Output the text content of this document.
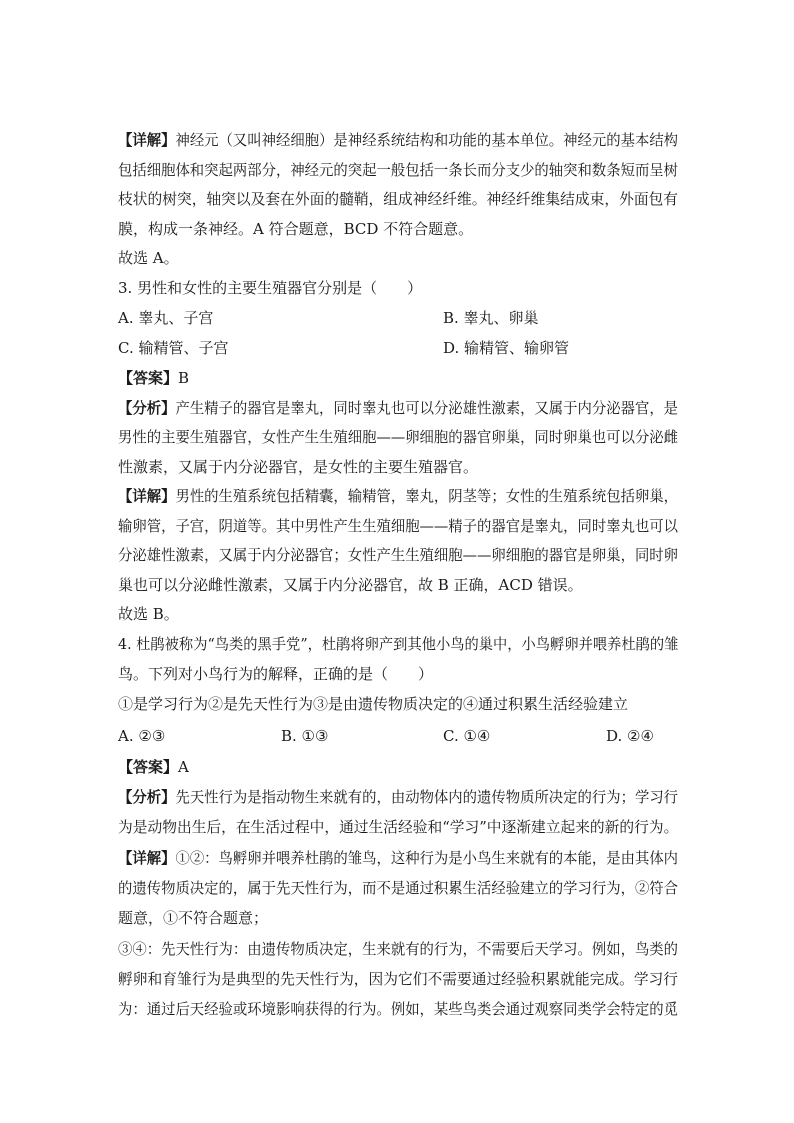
【详解】神经元（又叫神经细胞）是神经系统结构和功能的基本单位。神经元的基本结构
包括细胞体和突起两部分，神经元的突起一般包括一条长而分支少的轴突和数条短而呈树
枝状的树突，轴突以及套在外面的髓鞘，组成神经纤维。神经纤维集结成束，外面包有
膜，构成一条神经。A 符合题意，BCD 不符合题意。
故选 A。
3. 男性和女性的主要生殖器官分别是（　　）
A. 睾丸、子宫	B. 睾丸、卵巢
C. 输精管、子宫	D. 输精管、输卵管
【答案】B
【分析】产生精子的器官是睾丸，同时睾丸也可以分泌雄性激素，又属于内分泌器官，是
男性的主要生殖器官，女性产生生殖细胞——卵细胞的器官卵巢，同时卵巢也可以分泌雌
性激素，又属于内分泌器官，是女性的主要生殖器官。
【详解】男性的生殖系统包括精囊，输精管，睾丸，阴茎等；女性的生殖系统包括卵巢，
输卵管，子宫，阴道等。其中男性产生生殖细胞——精子的器官是睾丸，同时睾丸也可以
分泌雄性激素，又属于内分泌器官；女性产生生殖细胞——卵细胞的器官是卵巢，同时卵
巢也可以分泌雌性激素，又属于内分泌器官，故 B 正确，ACD 错误。
故选 B。
4. 杜鹃被称为“鸟类的黑手党”，杜鹃将卵产到其他小鸟的巢中，小鸟孵卵并喂养杜鹃的雏
鸟。下列对小鸟行为的解释，正确的是（　　）
①是学习行为②是先天性行为③是由遗传物质决定的④通过积累生活经验建立
A. ②③	B. ①③	C. ①④	D. ②④
【答案】A
【分析】先天性行为是指动物生来就有的，由动物体内的遗传物质所决定的行为；学习行
为是动物出生后，在生活过程中，通过生活经验和“学习”中逐渐建立起来的新的行为。
【详解】①②：鸟孵卵并喂养杜鹃的雏鸟，这种行为是小鸟生来就有的本能，是由其体内
的遗传物质决定的，属于先天性行为，而不是通过积累生活经验建立的学习行为，②符合
题意，①不符合题意；
③④：先天性行为：由遗传物质决定，生来就有的行为，不需要后天学习。例如，鸟类的
孵卵和育雏行为是典型的先天性行为，因为它们不需要通过经验积累就能完成。学习行
为：通过后天经验或环境影响获得的行为。例如，某些鸟类会通过观察同类学会特定的觅
